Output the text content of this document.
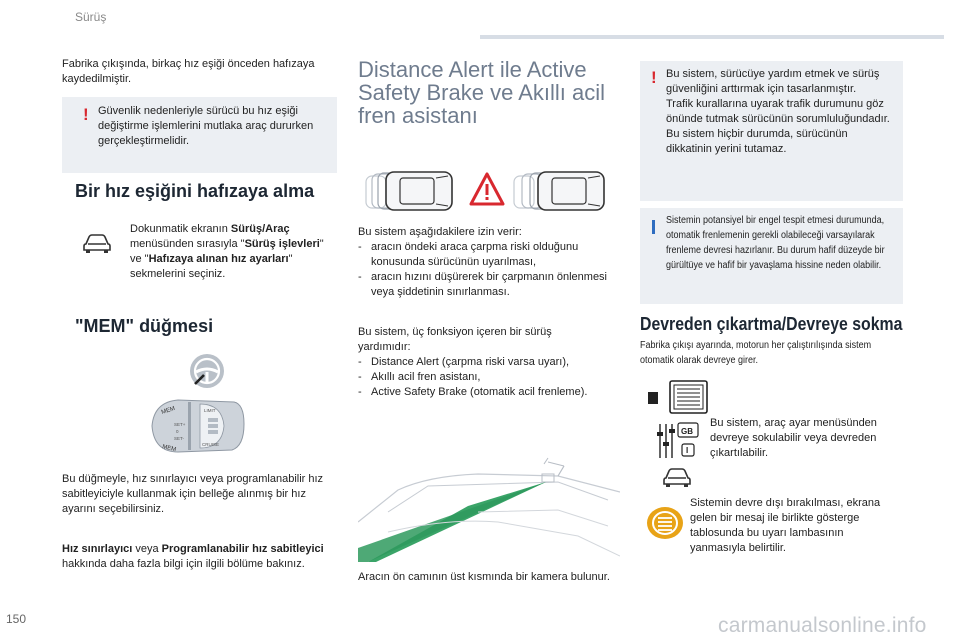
Sürüş
Fabrika çıkışında, birkaç hız eşiği önceden hafızaya kaydedilmiştir.
! Güvenlik nedenleriyle sürücü bu hız eşiği değiştirme işlemlerini mutlaka araç dururken gerçekleştirmelidir.
Bir hız eşiğini hafızaya alma
Dokunmatik ekranın Sürüş/Araç menüsünden sırasıyla "Sürüş işlevleri" ve "Hafızaya alınan hız ayarları" sekmelerini seçiniz.
"MEM" düğmesi
MEM
MEM
SET+
SET-
0
LIMIT
CRUISE
Bu düğmeyle, hız sınırlayıcı veya programlanabilir hız sabitleyiciyle kullanmak için belleğe alınmış bir hız ayarını seçebilirsiniz.
Hız sınırlayıcı veya Programlanabilir hız sabitleyici hakkında daha fazla bilgi için ilgili bölüme bakınız.
Distance Alert ile Active Safety Brake ve Akıllı acil fren asistanı
Bu sistem aşağıdakilere izin verir:
- aracın öndeki araca çarpma riski olduğunu konusunda sürücünün uyarılması,
- aracın hızını düşürerek bir çarpmanın önlenmesi veya şiddetinin sınırlanması.
Bu sistem, üç fonksiyon içeren bir sürüş yardımıdır:
- Distance Alert (çarpma riski varsa uyarı),
- Akıllı acil fren asistanı,
- Active Safety Brake (otomatik acil frenleme).
Aracın ön camının üst kısmında bir kamera bulunur.
! Bu sistem, sürücüye yardım etmek ve sürüş güvenliğini arttırmak için tasarlanmıştır.
Trafik kurallarına uyarak trafik durumunu göz önünde tutmak sürücünün sorumluluğundadır.
Bu sistem hiçbir durumda, sürücünün dikkatinin yerini tutamaz.
Sistemin potansiyel bir engel tespit etmesi durumunda, otomatik frenlemenin gerekli olabileceği varsayılarak frenleme devresi hazırlanır. Bu durum hafif düzeyde bir gürültüye ve hafif bir yavaşlama hissine neden olabilir.
Devreden çıkartma/Devreye sokma
Fabrika çıkışı ayarında, motorun her çalıştırılışında sistem otomatik olarak devreye girer.
GB
I
Bu sistem, araç ayar menüsünden devreye sokulabilir veya devreden çıkartılabilir.
Sistemin devre dışı bırakılması, ekrana gelen bir mesaj ile birlikte gösterge tablosunda bu uyarı lambasının yanmasıyla belirtilir.
150	carmanualsonline.info
